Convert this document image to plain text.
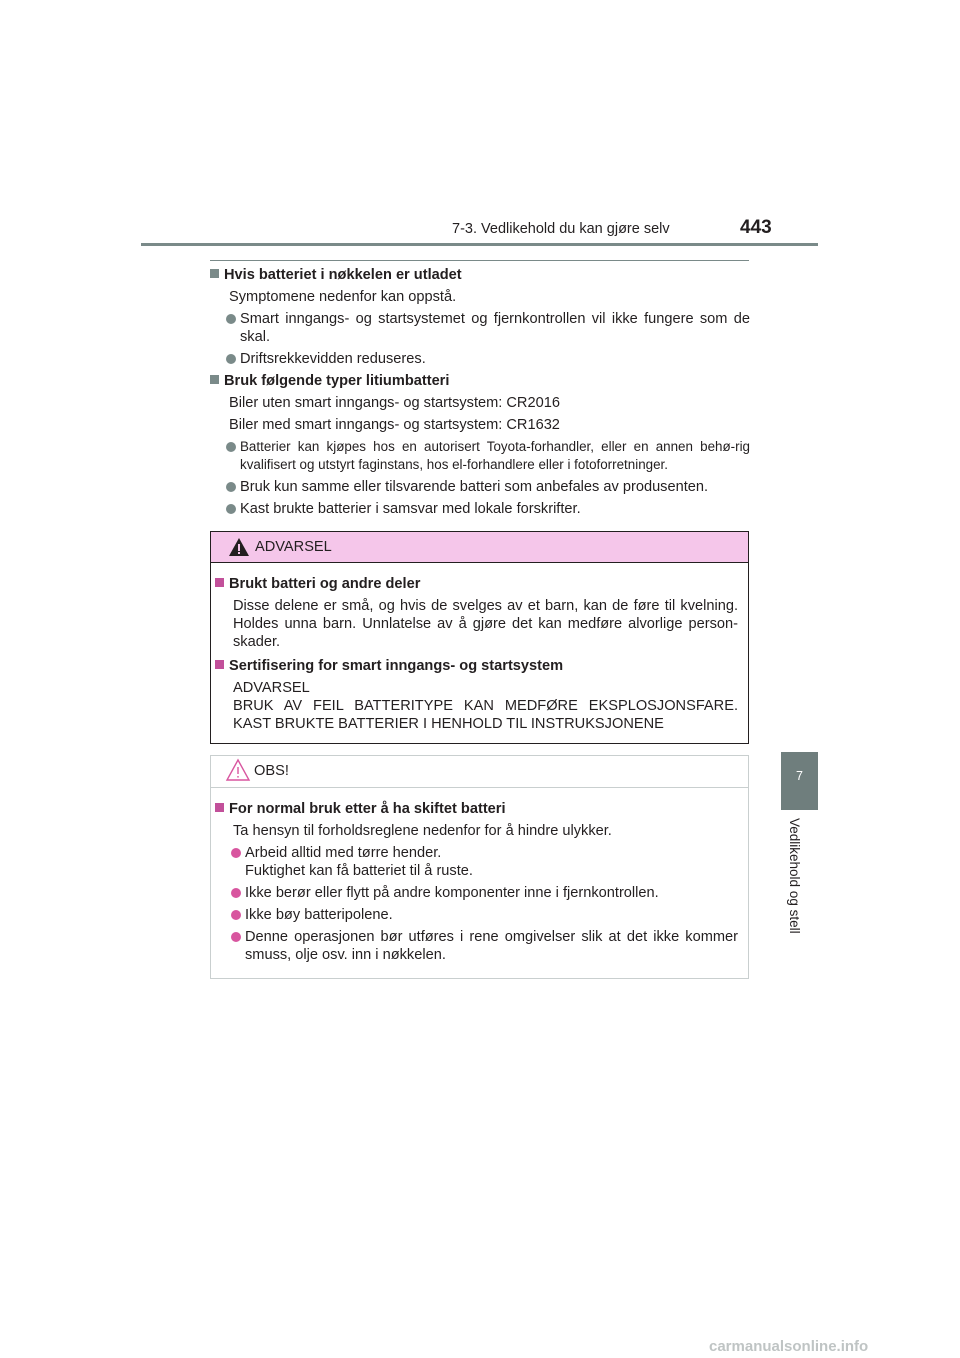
7-3. Vedlikehold du kan gjøre selv	443
7
Vedlikehold og stell

Hvis batteriet i nøkkelen er utladet

Symptomene nedenfor kan oppstå.

Smart inngangs- og startsystemet og fjernkontrollen vil ikke fungere som de skal.

Driftsrekkevidden reduseres.

Bruk følgende typer litiumbatteri

Biler uten smart inngangs- og startsystem: CR2016

Biler med smart inngangs- og startsystem: CR1632

Batterier kan kjøpes hos en autorisert Toyota-forhandler, eller en annen behø-rig kvalifisert og utstyrt faginstans, hos el-forhandlere eller i fotoforretninger.

Bruk kun samme eller tilsvarende batteri som anbefales av produsenten.

Kast brukte batterier i samsvar med lokale forskrifter.

ADVARSEL

Brukt batteri og andre deler

Disse delene er små, og hvis de svelges av et barn, kan de føre til kvelning. Holdes unna barn. Unnlatelse av å gjøre det kan medføre alvorlige person-skader.

Sertifisering for smart inngangs- og startsystem

ADVARSEL

BRUK AV FEIL BATTERITYPE KAN MEDFØRE EKSPLOSJONSFARE. KAST BRUKTE BATTERIER I HENHOLD TIL INSTRUKSJONENE

OBS!

For normal bruk etter å ha skiftet batteri

Ta hensyn til forholdsreglene nedenfor for å hindre ulykker.

Arbeid alltid med tørre hender.
Fuktighet kan få batteriet til å ruste.

Ikke berør eller flytt på andre komponenter inne i fjernkontrollen.

Ikke bøy batteripolene.

Denne operasjonen bør utføres i rene omgivelser slik at det ikke kommer smuss, olje osv. inn i nøkkelen.

carmanualsonline.info
